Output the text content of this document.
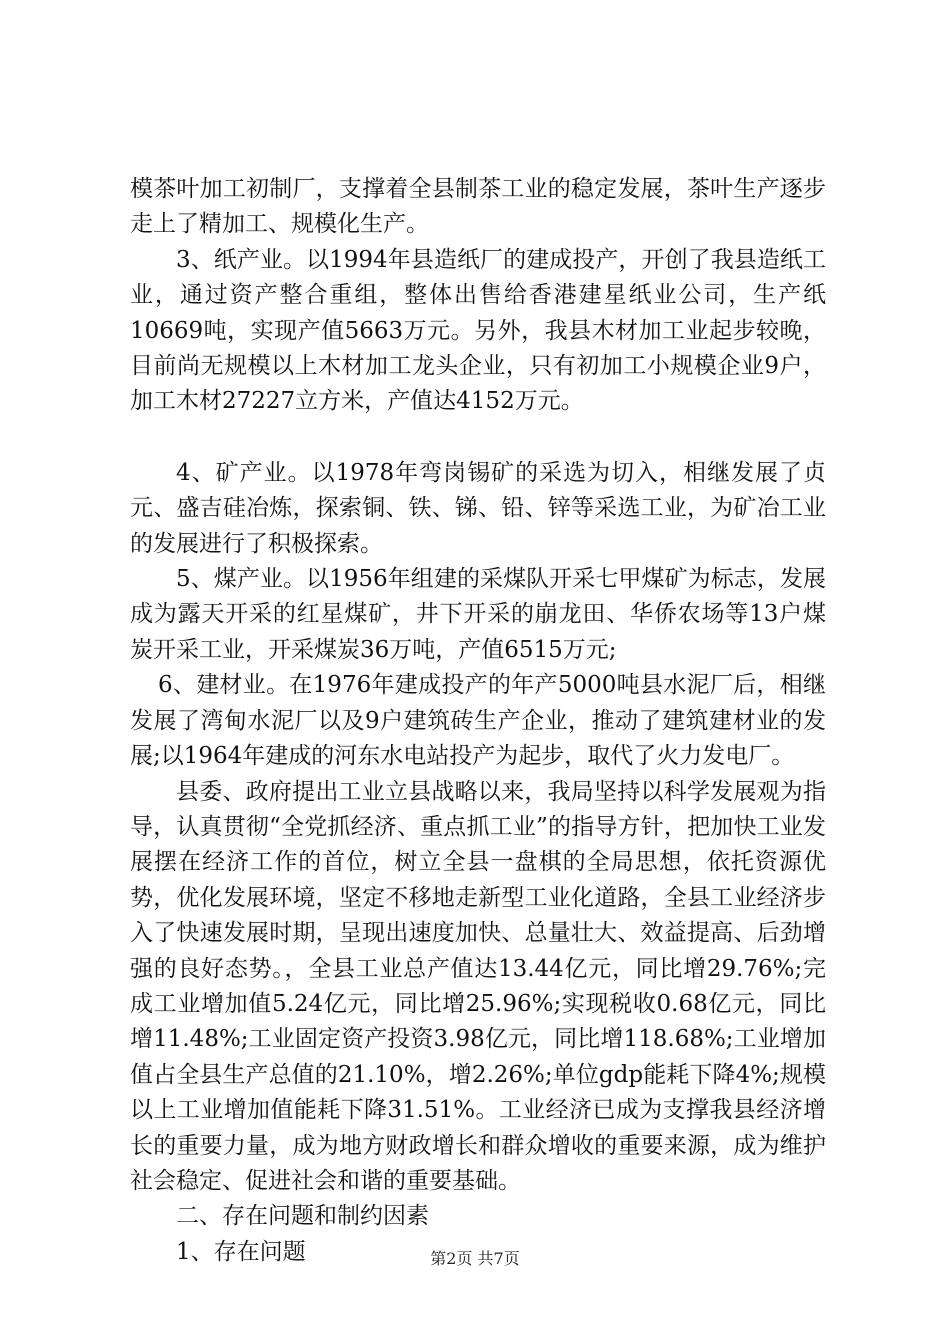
模茶叶加工初制厂，支撑着全县制茶工业的稳定发展，茶叶生产逐步走上了精加工、规模化生产。

3、纸产业。以1994年县造纸厂的建成投产，开创了我县造纸工业，通过资产整合重组，整体出售给香港建星纸业公司，生产纸10669吨，实现产值5663万元。另外，我县木材加工业起步较晚，目前尚无规模以上木材加工龙头企业，只有初加工小规模企业9户，加工木材27227立方米，产值达4152万元。

4、矿产业。以1978年弯岗锡矿的采选为切入，相继发展了贞元、盛吉硅冶炼，探索铜、铁、锑、铅、锌等采选工业，为矿冶工业的发展进行了积极探索。

5、煤产业。以1956年组建的采煤队开采七甲煤矿为标志，发展成为露天开采的红星煤矿，井下开采的崩龙田、华侨农场等13户煤炭开采工业，开采煤炭36万吨，产值6515万元;

6、建材业。在1976年建成投产的年产5000吨县水泥厂后，相继发展了湾甸水泥厂以及9户建筑砖生产企业，推动了建筑建材业的发展;以1964年建成的河东水电站投产为起步，取代了火力发电厂。

县委、政府提出工业立县战略以来，我局坚持以科学发展观为指导，认真贯彻“全党抓经济、重点抓工业”的指导方针，把加快工业发展摆在经济工作的首位，树立全县一盘棋的全局思想，依托资源优势，优化发展环境，坚定不移地走新型工业化道路，全县工业经济步入了快速发展时期，呈现出速度加快、总量壮大、效益提高、后劲增强的良好态势。，全县工业总产值达13.44亿元，同比增29.76%;完成工业增加值5.24亿元，同比增25.96%;实现税收0.68亿元，同比增11.48%;工业固定资产投资3.98亿元，同比增118.68%;工业增加值占全县生产总值的21.10%，增2.26%;单位gdp能耗下降4%;规模以上工业增加值能耗下降31.51%。工业经济已成为支撑我县经济增长的重要力量，成为地方财政增长和群众增收的重要来源，成为维护社会稳定、促进社会和谐的重要基础。

二、存在问题和制约因素

1、存在问题	第2页 共7页
